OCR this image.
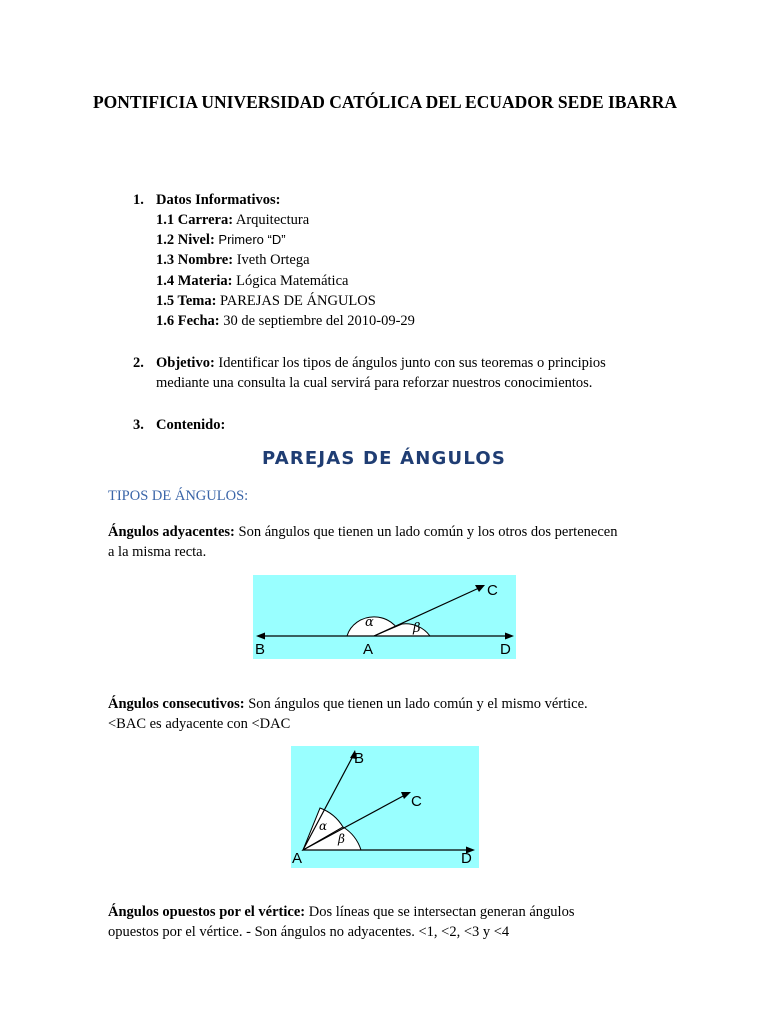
PONTIFICIA UNIVERSIDAD CATÓLICA DEL ECUADOR SEDE IBARRA
1. Datos Informativos:
1.1 Carrera: Arquitectura
1.2 Nivel: Primero “D”
1.3 Nombre: Iveth Ortega
1.4 Materia: Lógica Matemática
1.5 Tema: PAREJAS DE ÁNGULOS
1.6 Fecha: 30 de septiembre del 2010-09-29
2. Objetivo: Identificar los tipos de ángulos junto con sus teoremas o principios
mediante una consulta la cual servirá para reforzar nuestros conocimientos.
3. Contenido:
PAREJAS DE ÁNGULOS
TIPOS DE ÁNGULOS:
Ángulos adyacentes: Son ángulos que tienen un lado común y los otros dos pertenecen
a la misma recta.
α	β
B	A	D
C
Ángulos consecutivos: Son ángulos que tienen un lado común y el mismo vértice.
<BAC es adyacente con <DAC
α
β
B
C
A	D
Ángulos opuestos por el vértice: Dos líneas que se intersectan generan ángulos
opuestos por el vértice. - Son ángulos no adyacentes. <1, <2, <3 y <4
